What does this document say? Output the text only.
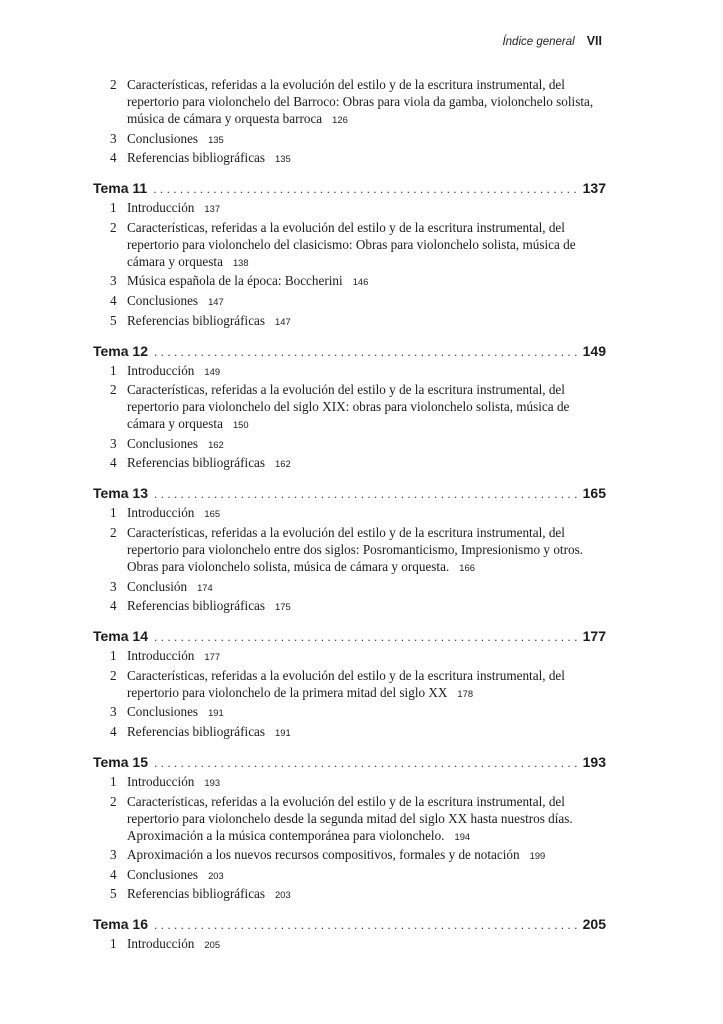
Índice general VII
2 Características, referidas a la evolución del estilo y de la escritura instrumental, del repertorio para violonchelo del Barroco: Obras para viola da gamba, violonchelo solista, música de cámara y orquesta barroca 126
3 Conclusiones 135
4 Referencias bibliográficas 135
Tema 11 . . .	137
1 Introducción 137
2 Características, referidas a la evolución del estilo y de la escritura instrumental, del repertorio para violonchelo del clasicismo: Obras para violonchelo solista, música de cámara y orquesta 138
3 Música española de la época: Boccherini 146
4 Conclusiones 147
5 Referencias bibliográficas 147
Tema 12 . . .	149
1 Introducción 149
2 Características, referidas a la evolución del estilo y de la escritura instrumental, del repertorio para violonchelo del siglo XIX: obras para violonchelo solista, música de cámara y orquesta 150
3 Conclusiones 162
4 Referencias bibliográficas 162
Tema 13 . . .	165
1 Introducción 165
2 Características, referidas a la evolución del estilo y de la escritura instrumental, del repertorio para violonchelo entre dos siglos: Posromanticismo, Impresionismo y otros. Obras para violonchelo solista, música de cámara y orquesta. 166
3 Conclusión 174
4 Referencias bibliográficas 175
Tema 14 . . .	177
1 Introducción 177
2 Características, referidas a la evolución del estilo y de la escritura instrumental, del repertorio para violonchelo de la primera mitad del siglo XX 178
3 Conclusiones 191
4 Referencias bibliográficas 191
Tema 15 . . .	193
1 Introducción 193
2 Características, referidas a la evolución del estilo y de la escritura instrumental, del repertorio para violonchelo desde la segunda mitad del siglo XX hasta nuestros días. Aproximación a la música contemporánea para violonchelo. 194
3 Aproximación a los nuevos recursos compositivos, formales y de notación 199
4 Conclusiones 203
5 Referencias bibliográficas 203
Tema 16 . . .	205
1 Introducción 205
